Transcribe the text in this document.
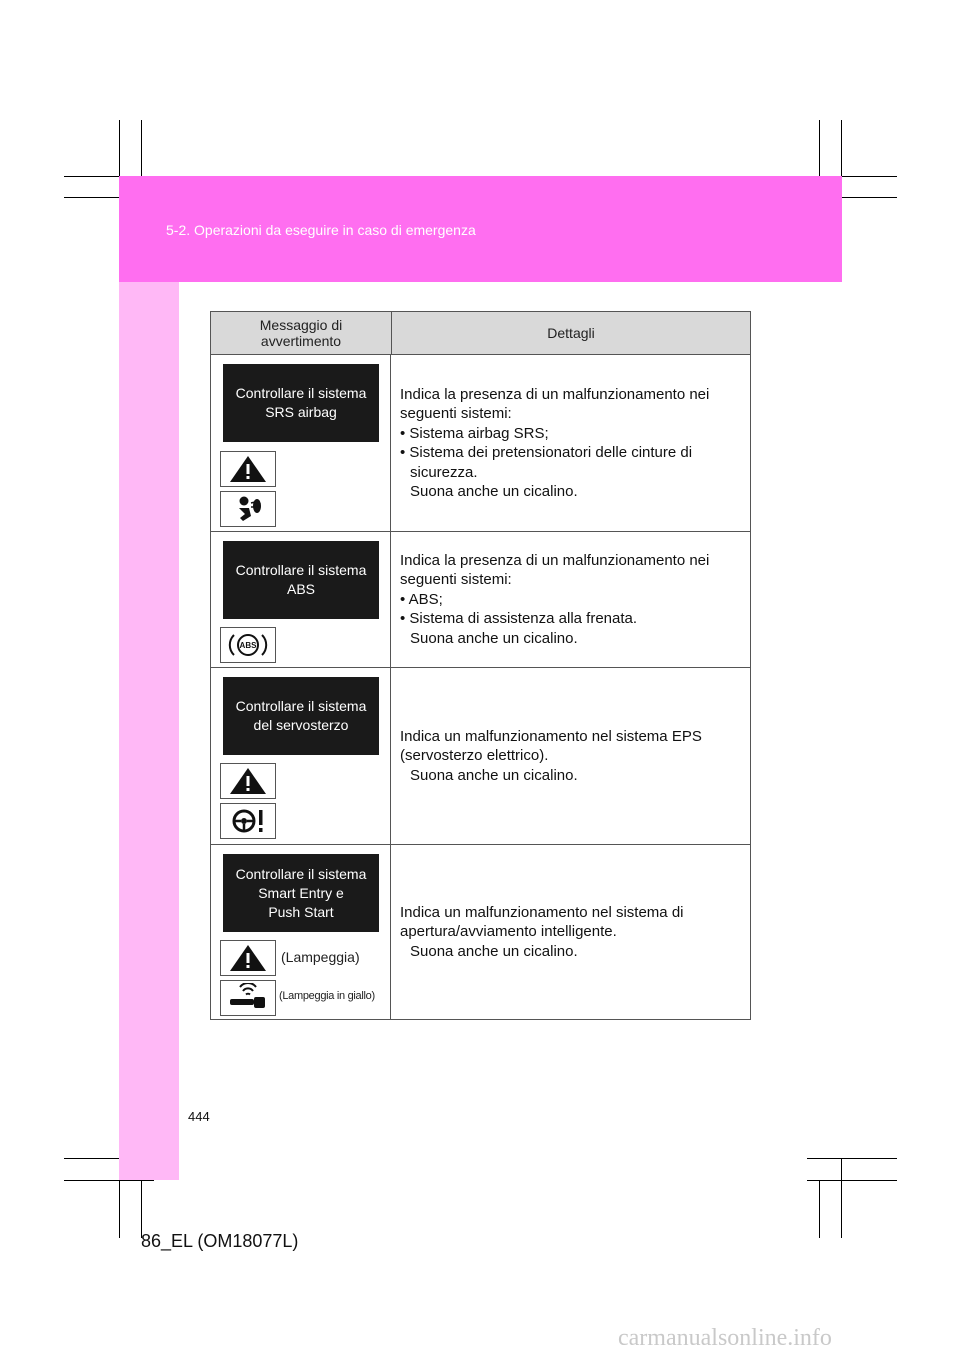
5-2. Operazioni da eseguire in caso di emergenza
Messaggio di
avvertimento	Dettagli
Controllare il sistema
SRS airbag
Indica la presenza di un malfunzionamento nei seguenti sistemi:
• Sistema airbag SRS;
• Sistema dei pretensionatori delle cinture di
sicurezza.
Suona anche un cicalino.
Controllare il sistema
ABS
ABS
Indica la presenza di un malfunzionamento nei seguenti sistemi:
• ABS;
• Sistema di assistenza alla frenata.
Suona anche un cicalino.
Controllare il sistema
del servosterzo
Indica un malfunzionamento nel sistema EPS (servosterzo elettrico).
Suona anche un cicalino.
Controllare il sistema
Smart Entry e
Push Start
(Lampeggia)
(Lampeggia in giallo)
Indica un malfunzionamento nel sistema di apertura/avviamento intelligente.
Suona anche un cicalino.
444
86_EL (OM18077L)
carmanualsonline.info
